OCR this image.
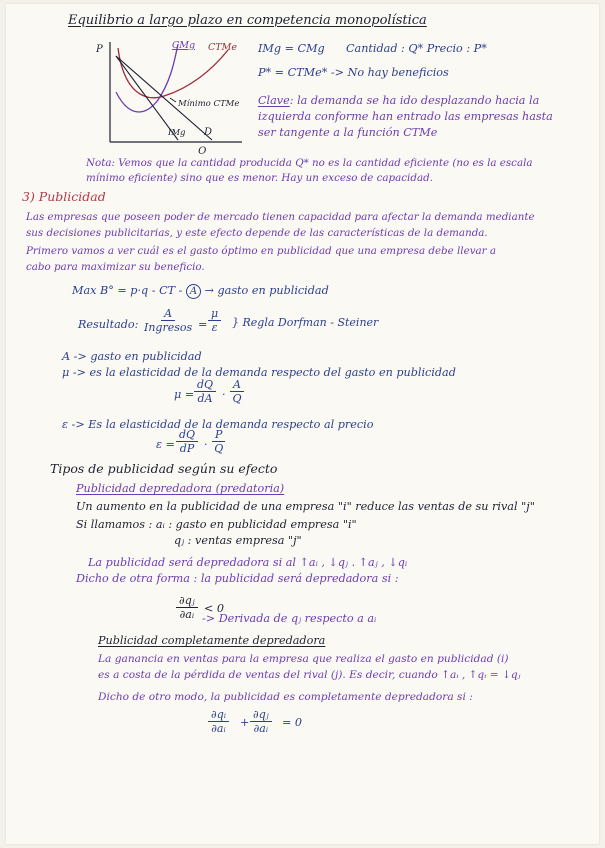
Equilibrio a largo plazo en competencia monopolística
P
Q
CMg CTMe
Mínimo CTMe
IMg D
IMg = CMg Cantidad : Q* Precio : P*
P* = CTMe* -> No hay beneficios
Clave: la demanda se ha ido desplazando hacia la
izquierda conforme han entrado las empresas hasta
ser tangente a la función CTMe
Nota: Vemos que la cantidad producida Q* no es la cantidad eficiente (no es la escala
mínimo eficiente) sino que es menor. Hay un exceso de capacidad.
3) Publicidad
Las empresas que poseen poder de mercado tienen capacidad para afectar la demanda mediante
sus decisiones publicitarias, y este efecto depende de las características de la demanda.
Primero vamos a ver cuál es el gasto óptimo en publicidad que una empresa debe llevar a
cabo para maximizar su beneficio.
Max B° = p·q - CT - A → gasto en publicidad
Resultado:
A
Ingresos = $\frac{\mu}{\varepsilon}$ } Regla Dorfman - Steiner
A -> gasto en publicidad
μ -> es la elasticidad de la demanda respecto del gasto en publicidad
$\mu = \frac{dQ}{dA} \cdot \frac{A}{Q}$
ε -> Es la elasticidad de la demanda respecto al precio
$\varepsilon = \frac{dQ}{dP} \cdot \frac{P}{Q}$
Tipos de publicidad según su efecto
Publicidad depredadora (predatoria)
Un aumento en la publicidad de una empresa "i" reduce las ventas de su rival "j"
Si llamamos : aᵢ : gasto en publicidad empresa "i"
qⱼ : ventas empresa "j"
La publicidad será depredadora si al ↑aᵢ , ↓qⱼ . ↑aⱼ , ↓qᵢ
Dicho de otra forma : la publicidad será depredadora si :
$\frac{\text{∂qⱼ}}{\text{∂aᵢ}} < 0$
-> Derivada de qⱼ respecto a aᵢ
Publicidad completamente depredadora
La ganancia en ventas para la empresa que realiza el gasto en publicidad (i)
es a costa de la pérdida de ventas del rival (j). Es decir, cuando ↑aᵢ , ↑qᵢ = ↓qⱼ
Dicho de otro modo, la publicidad es completamente depredadora si :
$\frac{\text{∂qᵢ}}{\text{∂aᵢ}} + \frac{\text{∂qⱼ}}{\text{∂aᵢ}} = 0$
